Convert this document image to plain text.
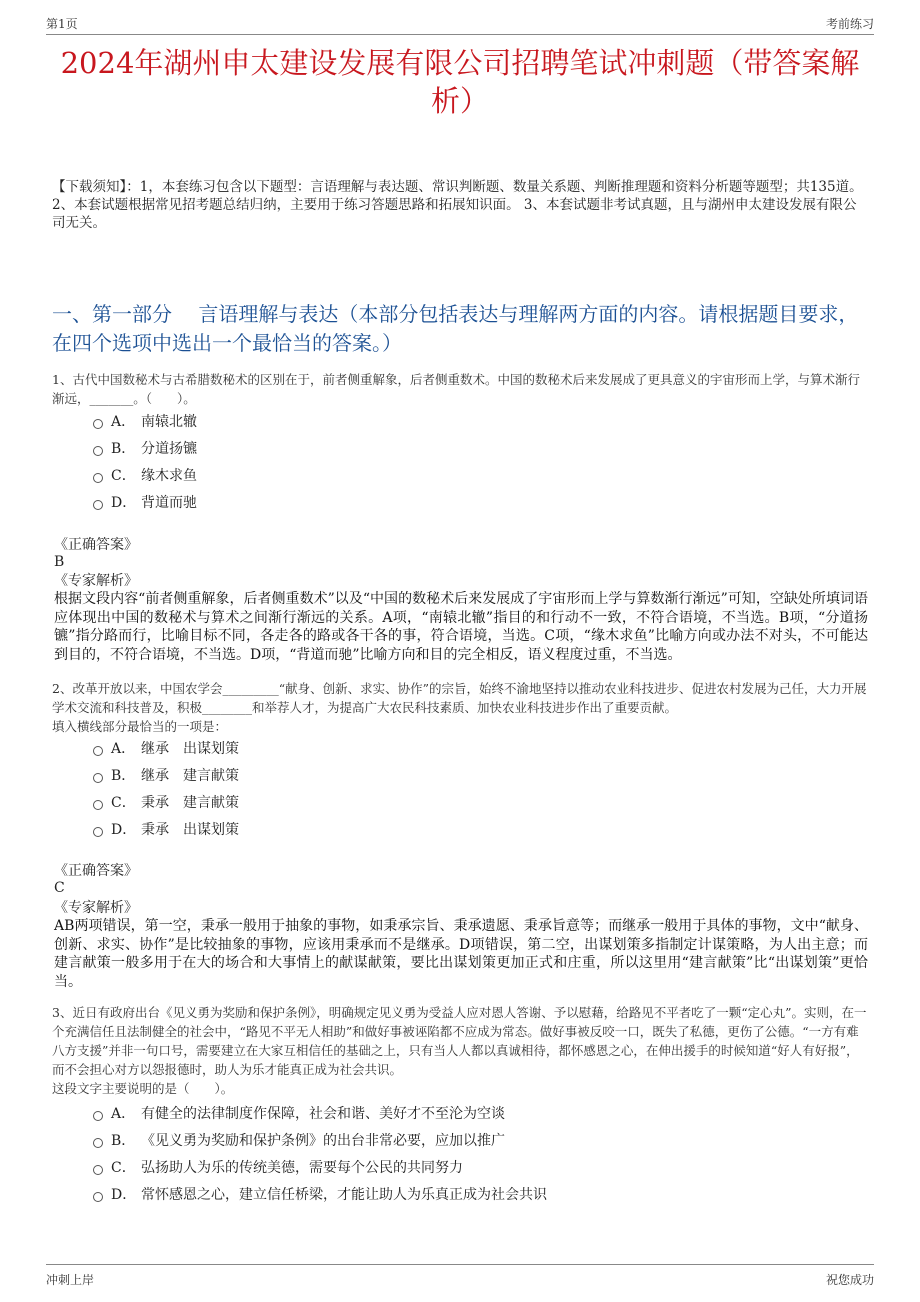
第1页	考前练习
2024年湖州申太建设发展有限公司招聘笔试冲刺题（带答案解析）
【下载须知】：1，本套练习包含以下题型：言语理解与表达题、常识判断题、数量关系题、判断推理题和资料分析题等题型；共135道。 2、本套试题根据常见招考题总结归纳，主要用于练习答题思路和拓展知识面。 3、本套试题非考试真题，且与湖州申太建设发展有限公司无关。
一、第一部分　 言语理解与表达（本部分包括表达与理解两方面的内容。请根据题目要求，在四个选项中选出一个最恰当的答案。）
1、古代中国数秘术与古希腊数秘术的区别在于，前者侧重解象，后者侧重数术。中国的数秘术后来发展成了更具意义的宇宙形而上学，与算术渐行渐远，_______。（　　）。
A． 南辕北辙
B． 分道扬镳
C． 缘木求鱼
D． 背道而驰
《正确答案》
B
《专家解析》
根据文段内容“前者侧重解象，后者侧重数术”以及“中国的数秘术后来发展成了宇宙形而上学与算数渐行渐远”可知，空缺处所填词语应体现出中国的数秘术与算术之间渐行渐远的关系。A项，“南辕北辙”指目的和行动不一致，不符合语境，不当选。B项，“分道扬镳”指分路而行，比喻目标不同，各走各的路或各干各的事，符合语境，当选。C项，“缘木求鱼”比喻方向或办法不对头，不可能达到目的，不符合语境，不当选。D项，“背道而驰”比喻方向和目的完全相反，语义程度过重，不当选。
2、改革开放以来，中国农学会_________“献身、创新、求实、协作”的宗旨，始终不渝地坚持以推动农业科技进步、促进农村发展为己任，大力开展学术交流和科技普及，积极________和举荐人才，为提高广大农民科技素质、加快农业科技进步作出了重要贡献。
填入横线部分最恰当的一项是：
A． 继承　出谋划策
B． 继承　建言献策
C． 秉承　建言献策
D． 秉承　出谋划策
《正确答案》
C
《专家解析》
AB两项错误，第一空，秉承一般用于抽象的事物，如秉承宗旨、秉承遗愿、秉承旨意等；而继承一般用于具体的事物，文中“献身、创新、求实、协作”是比较抽象的事物，应该用秉承而不是继承。D项错误，第二空，出谋划策多指制定计谋策略，为人出主意；而建言献策一般多用于在大的场合和大事情上的献谋献策，要比出谋划策更加正式和庄重，所以这里用“建言献策”比“出谋划策”更恰当。
3、近日有政府出台《见义勇为奖励和保护条例》，明确规定见义勇为受益人应对恩人答谢、予以慰藉，给路见不平者吃了一颗“定心丸”。实则，在一个充满信任且法制健全的社会中，“路见不平无人相助”和做好事被诬陷都不应成为常态。做好事被反咬一口，既失了私德，更伤了公德。“一方有难八方支援”并非一句口号，需要建立在大家互相信任的基础之上，只有当人人都以真诚相待，都怀感恩之心，在伸出援手的时候知道“好人有好报”，而不会担心对方以怨报德时，助人为乐才能真正成为社会共识。
这段文字主要说明的是（　　）。
A． 有健全的法律制度作保障，社会和谐、美好才不至沦为空谈
B． 《见义勇为奖励和保护条例》的出台非常必要，应加以推广
C． 弘扬助人为乐的传统美德，需要每个公民的共同努力
D． 常怀感恩之心，建立信任桥梁，才能让助人为乐真正成为社会共识
冲刺上岸	祝您成功
